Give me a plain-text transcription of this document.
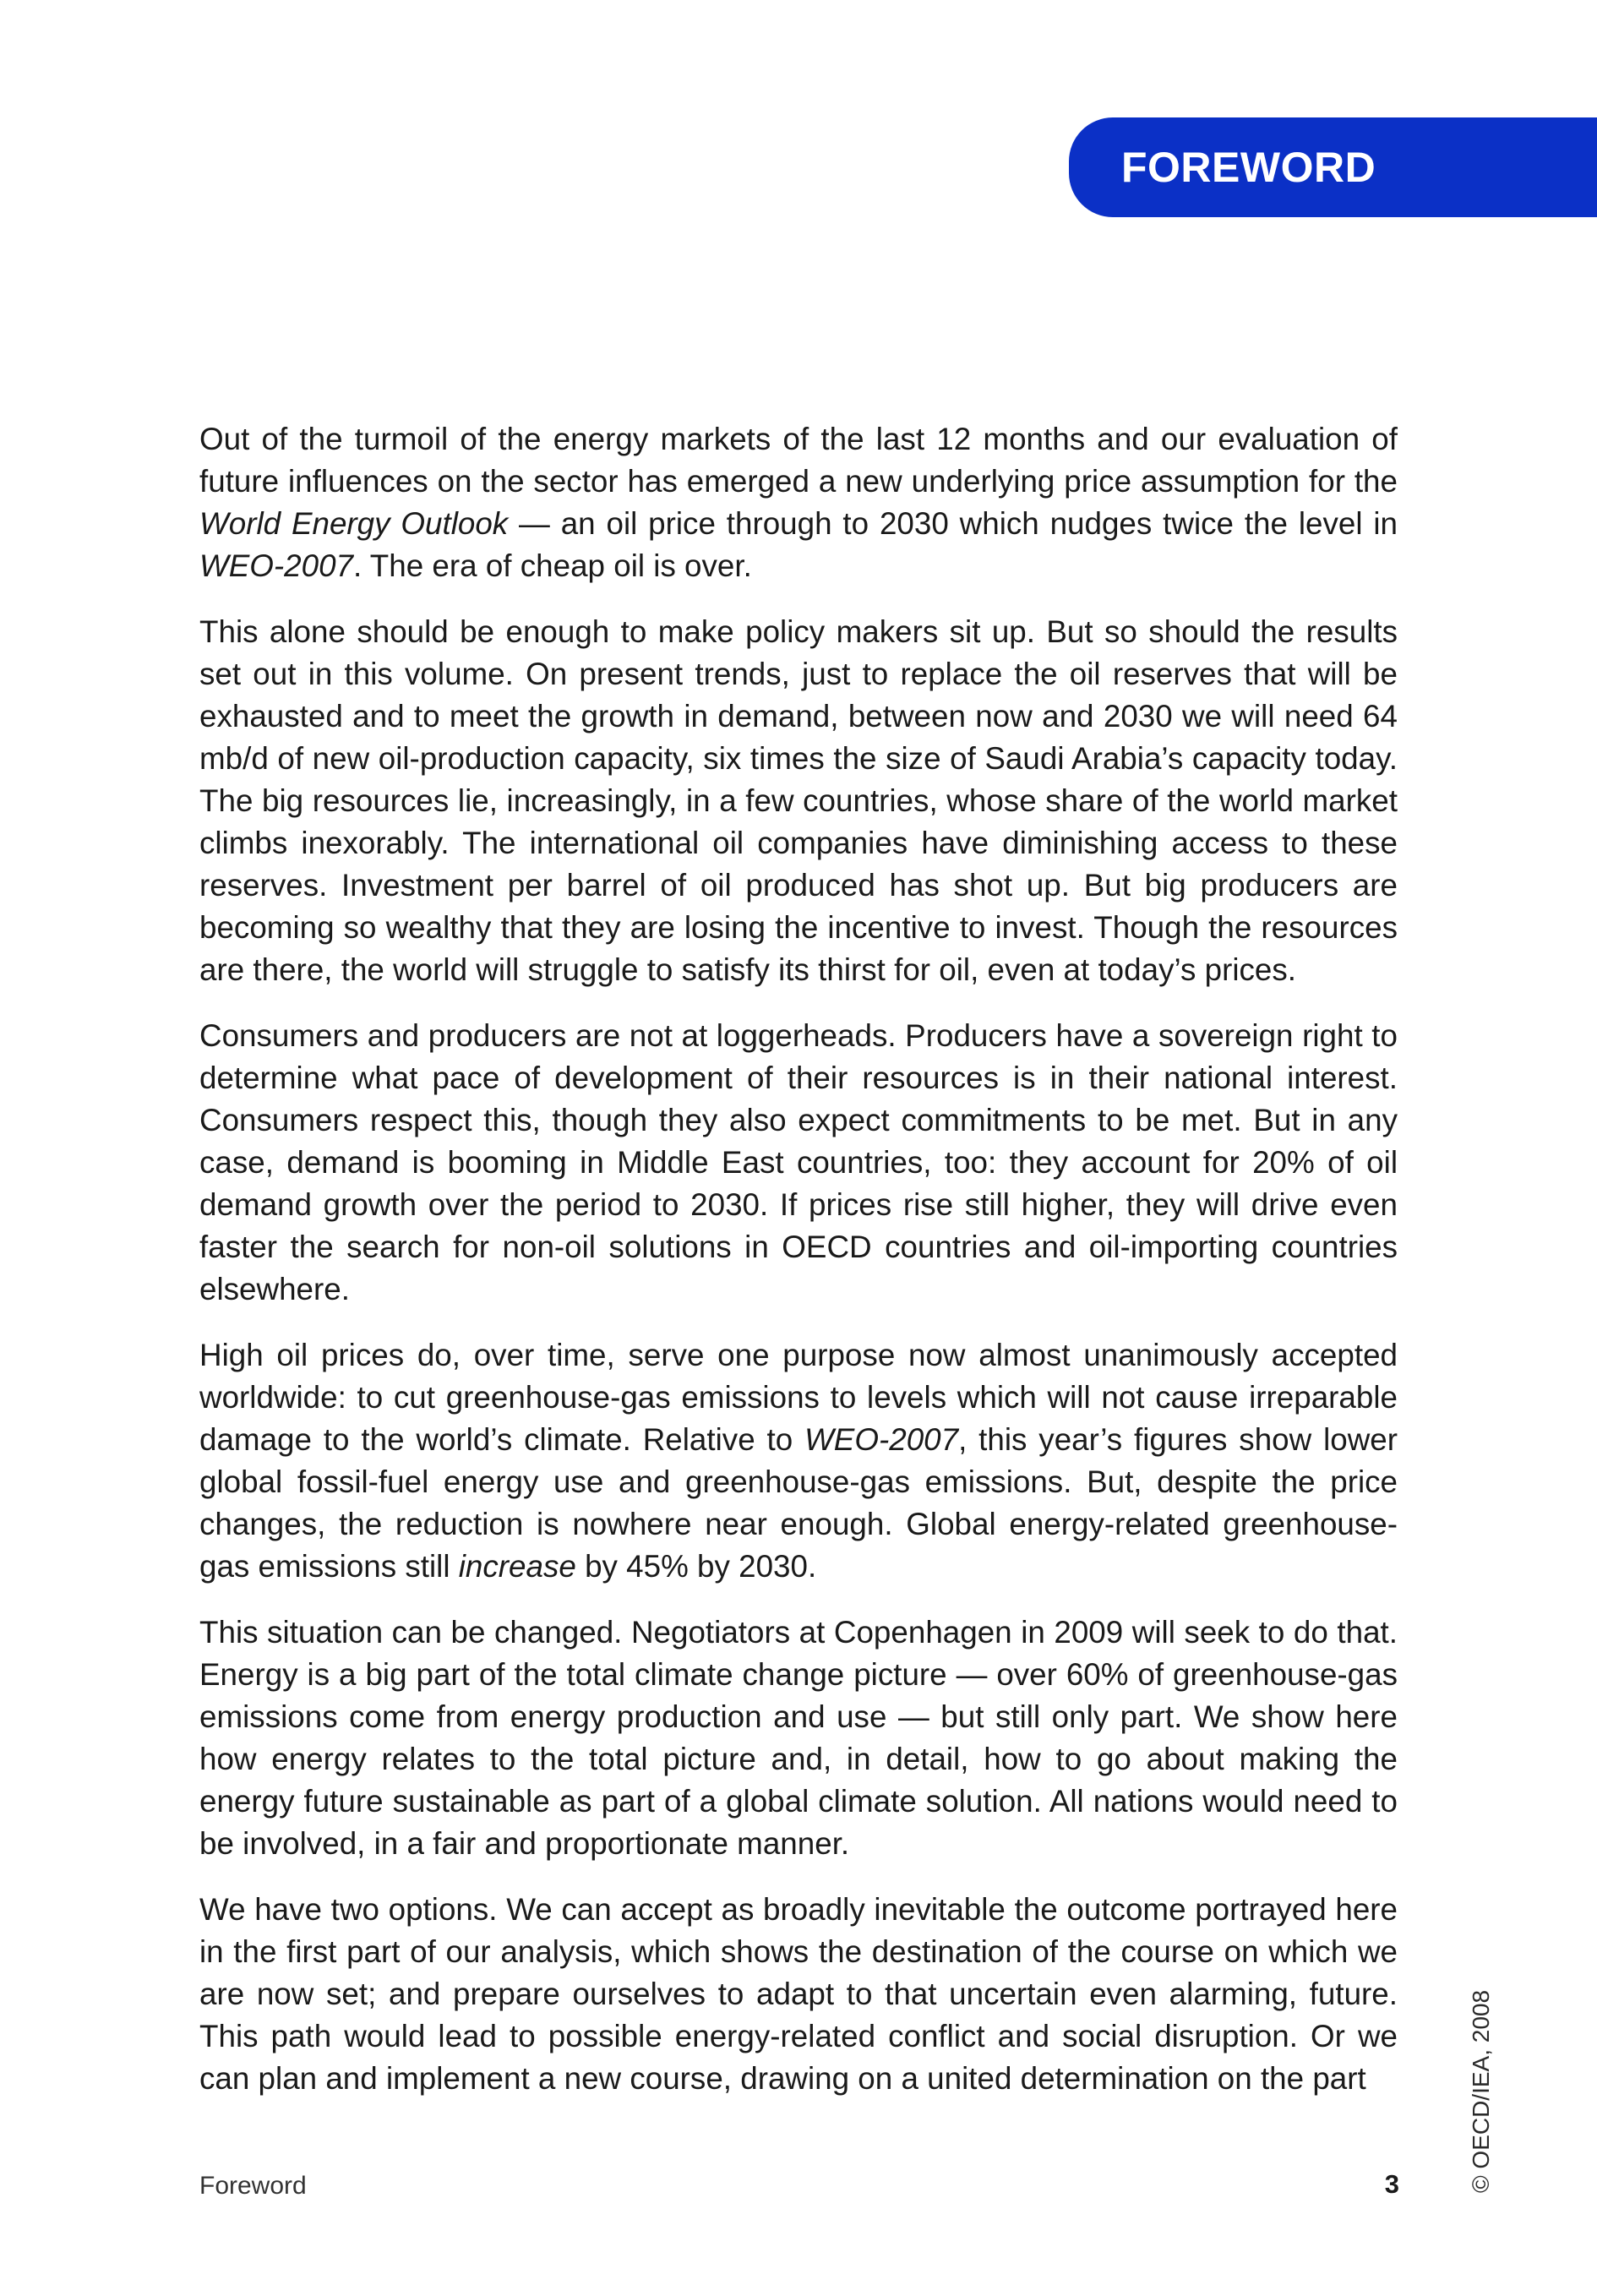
FOREWORD

Out of the turmoil of the energy markets of the last 12 months and our evaluation of future influences on the sector has emerged a new underlying price assumption for the World Energy Outlook — an oil price through to 2030 which nudges twice the level in WEO-2007. The era of cheap oil is over.

This alone should be enough to make policy makers sit up. But so should the results set out in this volume. On present trends, just to replace the oil reserves that will be exhausted and to meet the growth in demand, between now and 2030 we will need 64 mb/d of new oil-production capacity, six times the size of Saudi Arabia’s capacity today. The big resources lie, increasingly, in a few countries, whose share of the world market climbs inexorably. The international oil companies have diminishing access to these reserves. Investment per barrel of oil produced has shot up. But big producers are becoming so wealthy that they are losing the incentive to invest. Though the resources are there, the world will struggle to satisfy its thirst for oil, even at today’s prices.

Consumers and producers are not at loggerheads. Producers have a sovereign right to determine what pace of development of their resources is in their national interest. Consumers respect this, though they also expect commitments to be met. But in any case, demand is booming in Middle East countries, too: they account for 20% of oil demand growth over the period to 2030. If prices rise still higher, they will drive even faster the search for non-oil solutions in OECD countries and oil-importing countries elsewhere.

High oil prices do, over time, serve one purpose now almost unanimously accepted worldwide: to cut greenhouse-gas emissions to levels which will not cause irreparable damage to the world’s climate. Relative to WEO-2007, this year’s figures show lower global fossil-fuel energy use and greenhouse-gas emissions. But, despite the price changes, the reduction is nowhere near enough. Global energy-related greenhouse-gas emissions still increase by 45% by 2030.

This situation can be changed. Negotiators at Copenhagen in 2009 will seek to do that. Energy is a big part of the total climate change picture — over 60% of greenhouse-gas emissions come from energy production and use — but still only part. We show here how energy relates to the total picture and, in detail, how to go about making the energy future sustainable as part of a global climate solution. All nations would need to be involved, in a fair and proportionate manner.

We have two options. We can accept as broadly inevitable the outcome portrayed here in the first part of our analysis, which shows the destination of the course on which we are now set; and prepare ourselves to adapt to that uncertain even alarming, future. This path would lead to possible energy-related conflict and social disruption. Or we can plan and implement a new course, drawing on a united determination on the part

Foreword	3	© OECD/IEA, 2008
